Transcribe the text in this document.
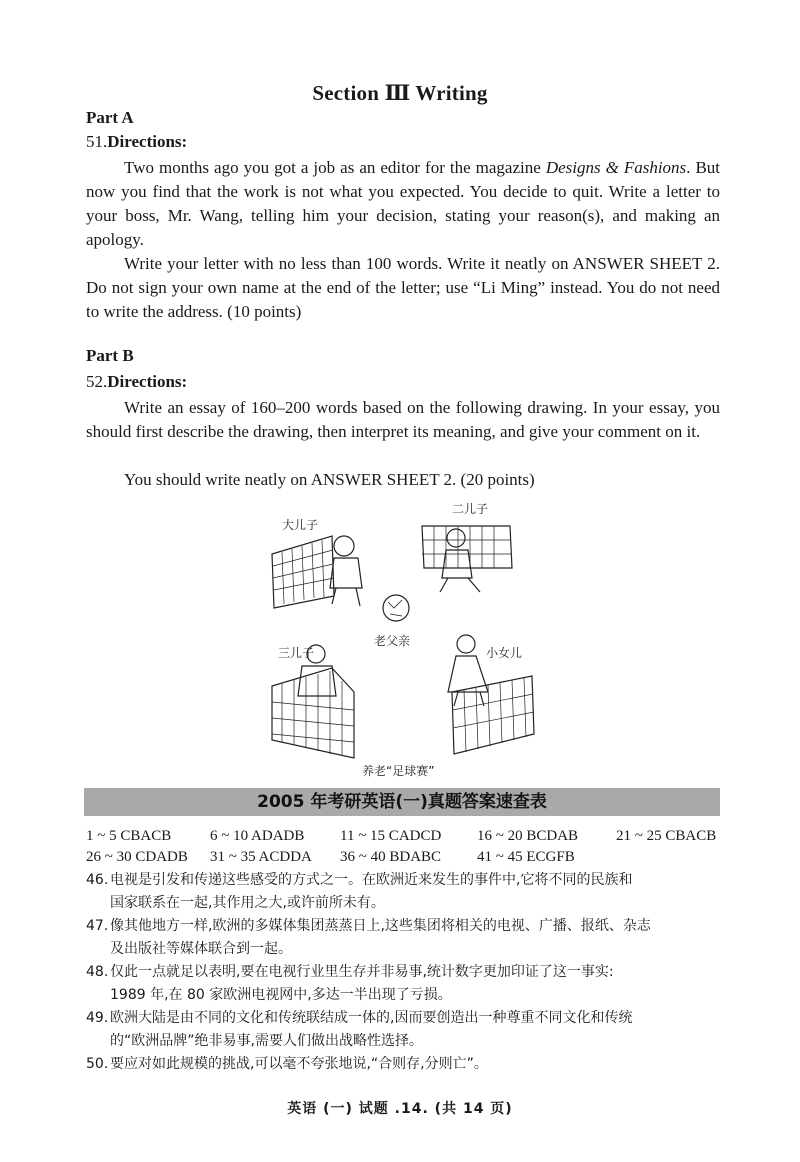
Section Ⅲ Writing
Part A
51.Directions:
Two months ago you got a job as an editor for the magazine Designs & Fashions. But now you find that the work is not what you expected. You decide to quit. Write a letter to your boss, Mr. Wang, telling him your decision, stating your reason(s), and making an apology.
Write your letter with no less than 100 words. Write it neatly on ANSWER SHEET 2. Do not sign your own name at the end of the letter; use “Li Ming” instead. You do not need to write the address. (10 points)
Part B
52.Directions:
Write an essay of 160–200 words based on the following drawing. In your essay, you should first describe the drawing, then interpret its meaning, and give your comment on it.
You should write neatly on ANSWER SHEET 2. (20 points)
大儿子
二儿子
老父亲
三儿子	小女儿
养老“足球赛”
2005 年考研英语(一)真题答案速查表
1 ~ 5 CBACB	6 ~ 10 ADADB 11 ~ 15 CADCD 16 ~ 20 BCDAB	21 ~ 25 CBACB
26 ~ 30 CDADB 31 ~ 35 ACDDA 36 ~ 40 BDABC 41 ~ 45 ECGFB
46. 电视是引发和传递这些感受的方式之一。在欧洲近来发生的事件中,它将不同的民族和
国家联系在一起,其作用之大,或许前所未有。
47. 像其他地方一样,欧洲的多媒体集团蒸蒸日上,这些集团将相关的电视、广播、报纸、杂志
及出版社等媒体联合到一起。
48. 仅此一点就足以表明,要在电视行业里生存并非易事,统计数字更加印证了这一事实:
1989 年,在 80 家欧洲电视网中,多达一半出现了亏损。
49. 欧洲大陆是由不同的文化和传统联结成一体的,因而要创造出一种尊重不同文化和传统
的“欧洲品牌”绝非易事,需要人们做出战略性选择。
50. 要应对如此规模的挑战,可以毫不夸张地说,“合则存,分则亡”。
英语 (一) 试题 .14. (共 14 页)
